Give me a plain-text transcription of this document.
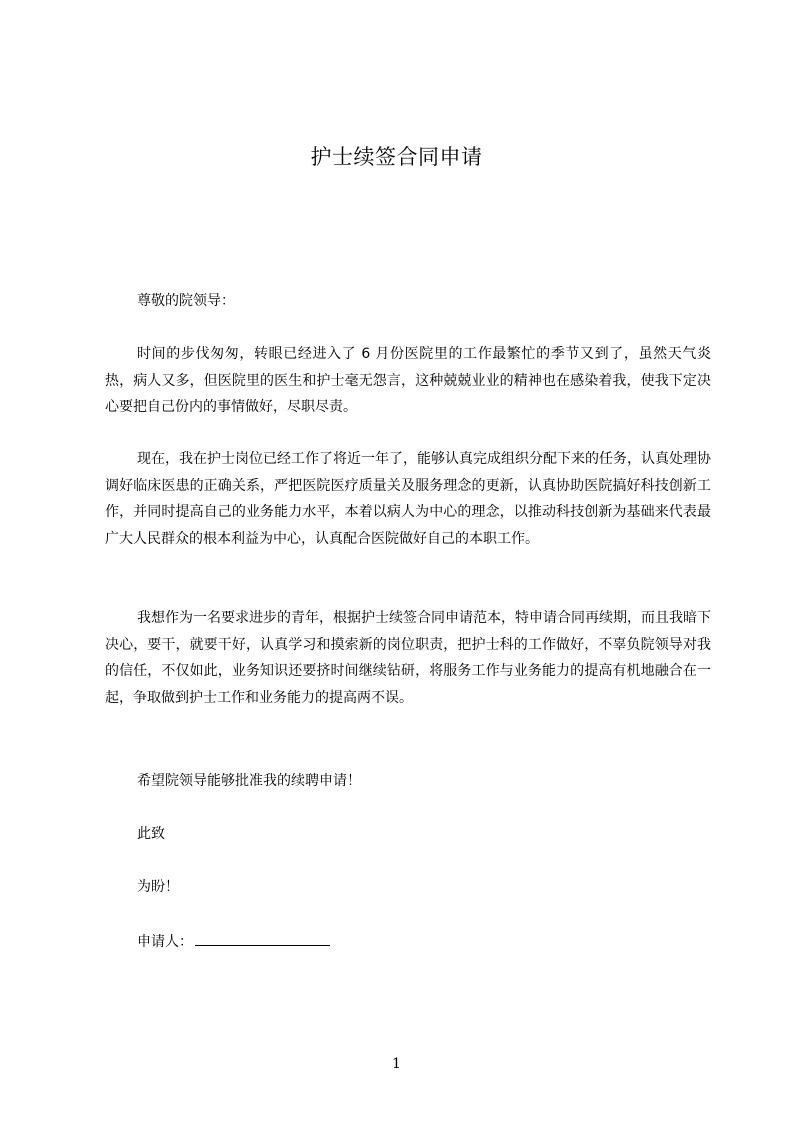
护士续签合同申请
尊敬的院领导：
时间的步伐匆匆，转眼已经进入了 6 月份医院里的工作最繁忙的季节又到了，虽然天气炎热，病人又多，但医院里的医生和护士毫无怨言，这种兢兢业业的精神也在感染着我，使我下定决心要把自己份内的事情做好，尽职尽责。
现在，我在护士岗位已经工作了将近一年了，能够认真完成组织分配下来的任务，认真处理协调好临床医患的正确关系，严把医院医疗质量关及服务理念的更新，认真协助医院搞好科技创新工作，并同时提高自己的业务能力水平，本着以病人为中心的理念，以推动科技创新为基础来代表最广大人民群众的根本利益为中心，认真配合医院做好自己的本职工作。
我想作为一名要求进步的青年，根据护士续签合同申请范本，特申请合同再续期，而且我暗下决心，要干，就要干好，认真学习和摸索新的岗位职责，把护士科的工作做好，不辜负院领导对我的信任，不仅如此，业务知识还要挤时间继续钻研，将服务工作与业务能力的提高有机地融合在一起，争取做到护士工作和业务能力的提高两不误。
希望院领导能够批准我的续聘申请！
此致
为盼！
申请人：
1
